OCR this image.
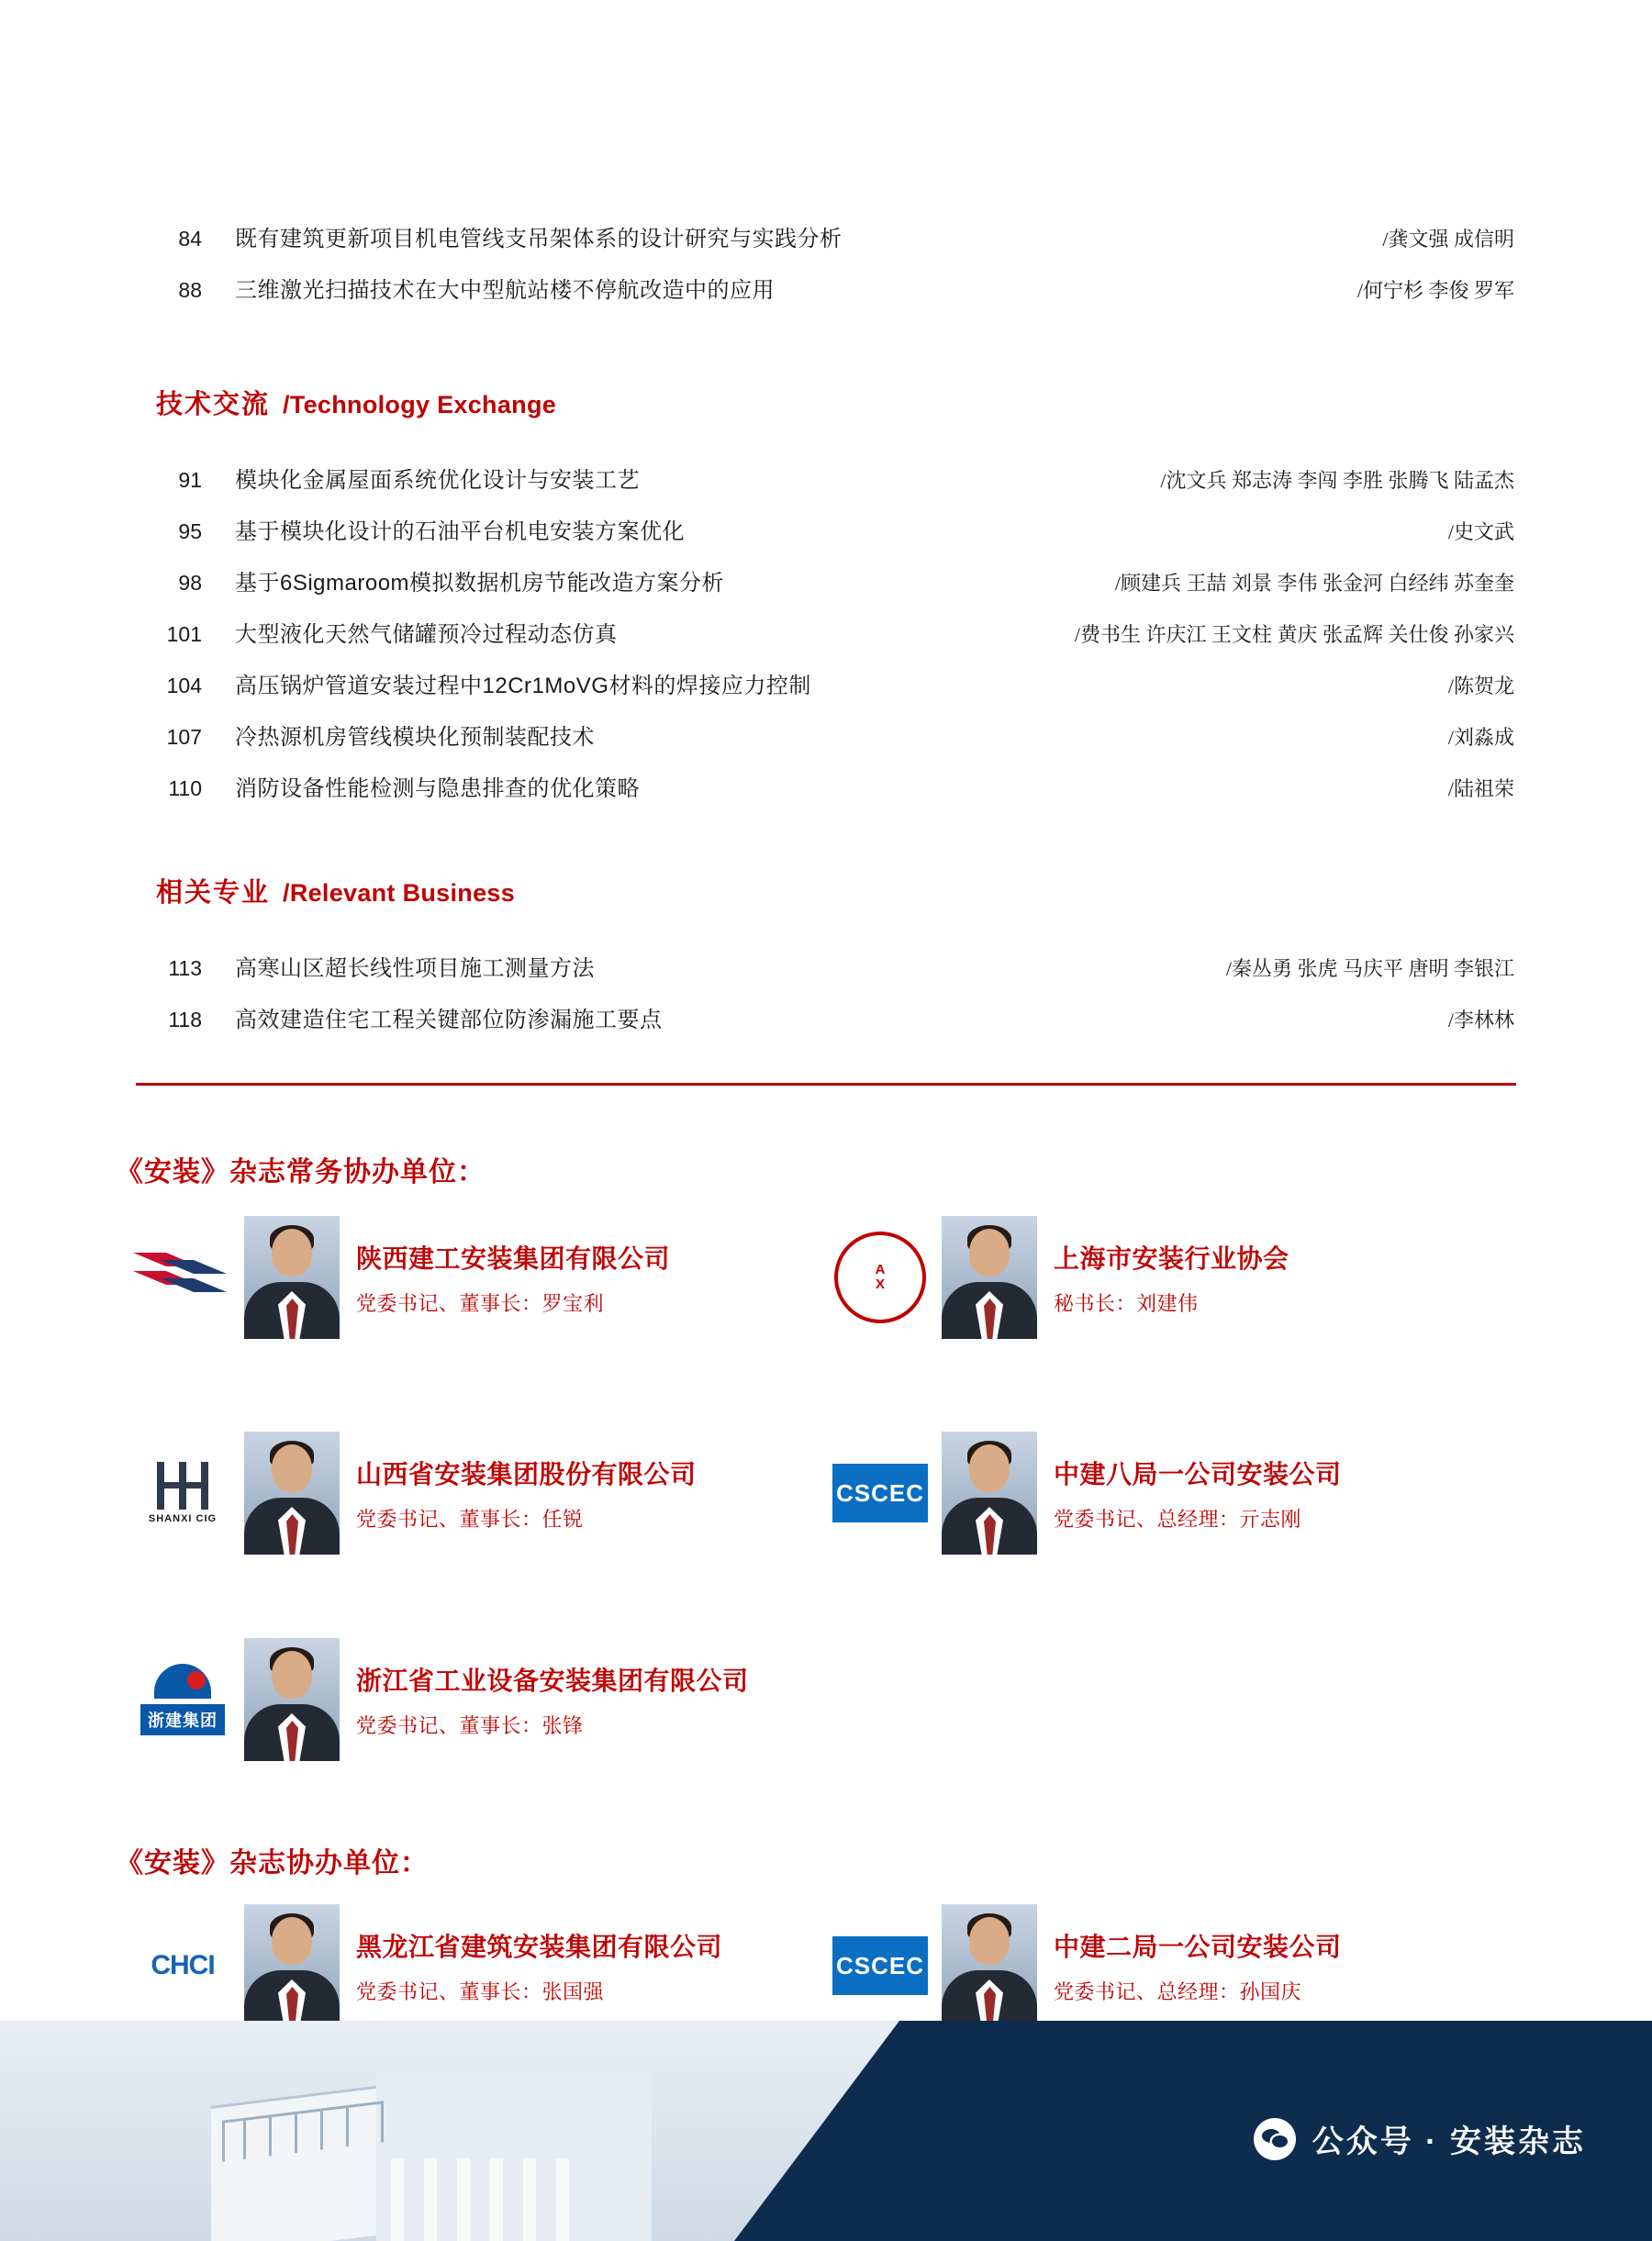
84 既有建筑更新项目机电管线支吊架体系的设计研究与实践分析	/龚文强 成信明
88 三维激光扫描技术在大中型航站楼不停航改造中的应用	/何宁杉 李俊 罗军
技术交流 /Technology Exchange
91 模块化金属屋面系统优化设计与安装工艺	/沈文兵 郑志涛 李闯 李胜 张腾飞 陆孟杰
95 基于模块化设计的石油平台机电安装方案优化	/史文武
98 基于6Sigmaroom模拟数据机房节能改造方案分析	/顾建兵 王喆 刘景 李伟 张金河 白经纬 苏奎奎
101 大型液化天然气储罐预冷过程动态仿真	/费书生 许庆江 王文柱 黄庆 张孟辉 关仕俊 孙家兴
104 高压锅炉管道安装过程中12Cr1MoVG材料的焊接应力控制	/陈贺龙
107 冷热源机房管线模块化预制装配技术	/刘淼成
110 消防设备性能检测与隐患排查的优化策略	/陆祖荣
相关专业 /Relevant Business
113 高寒山区超长线性项目施工测量方法	/秦丛勇 张虎 马庆平 唐明 李银江
118 高效建造住宅工程关键部位防渗漏施工要点	/李林林
《安装》杂志常务协办单位：
陕西建工安装集团有限公司
党委书记、董事长：罗宝利
A
X
上海市安装行业协会
秘书长：刘建伟
SHANXI CIG
山西省安装集团股份有限公司
党委书记、董事长：任锐
CSCEC
中建八局一公司安装公司
党委书记、总经理：亓志刚
浙建集团
浙江省工业设备安装集团有限公司
党委书记、董事长：张锋
《安装》杂志协办单位：
CHCI
黑龙江省建筑安装集团有限公司
党委书记、董事长：张国强
CSCEC
中建二局一公司安装公司
党委书记、总经理：孙国庆
公众号 · 安装杂志
